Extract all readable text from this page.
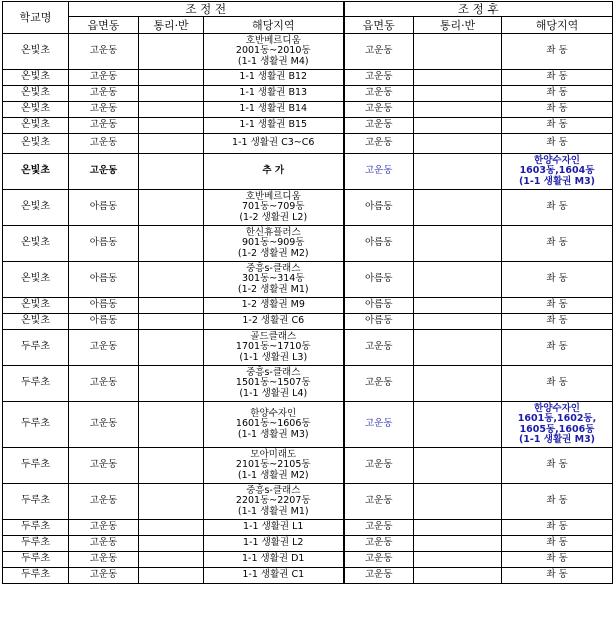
학교명	조 정 전			조 정 후		
	읍면동	통리·반	해당지역	읍면동	통리·반	해당지역
온빛초	고운동		호반베르디움
2001동~2010동
(1-1 생활권 M4)	고운동		좌 동

온빛초	고운동		1-1 생활권 B12	고운동		좌 동

온빛초	고운동		1-1 생활권 B13	고운동		좌 동

온빛초	고운동		1-1 생활권 B14	고운동		좌 동

온빛초	고운동		1-1 생활권 B15	고운동		좌 동

온빛초	고운동		1-1 생활권 C3~C6	고운동		좌 동

온빛초	고운동		추 가	고운동		한양수자인
1603동,1604동
(1-1 생활권 M3)

온빛초	아름동		호반베르디움
701동~709동
(1-2 생활권 L2)	아름동		좌 동

온빛초	아름동		한신휴플러스
901동~909동
(1-2 생활권 M2)	아름동		좌 동

온빛초	아름동		중흥s-클래스
301동~314동
(1-2 생활권 M1)	아름동		좌 동

온빛초	아름동		1-2 생활권 M9	아름동		좌 동

온빛초	아름동		1-2 생활권 C6	아름동		좌 동

두루초	고운동		골드클래스
1701동~1710동
(1-1 생활권 L3)	고운동		좌 동

두루초	고운동		중흥s-클래스
1501동~1507동
(1-1 생활권 L4)	고운동		좌 동

두루초	고운동		한양수자인
1601동~1606동
(1-1 생활권 M3)	고운동		한양수자인
1601동,1602동,
1605동,1606동
(1-1 생활권 M3)

두루초	고운동		모아미래도
2101동~2105동
(1-1 생활권 M2)	고운동		좌 동

두루초	고운동		중흥s-클래스
2201동~2207동
(1-1 생활권 M1)	고운동		좌 동

두루초	고운동		1-1 생활권 L1	고운동		좌 동

두루초	고운동		1-1 생활권 L2	고운동		좌 동

두루초	고운동		1-1 생활권 D1	고운동		좌 동

두루초	고운동		1-1 생활권 C1	고운동		좌 동
